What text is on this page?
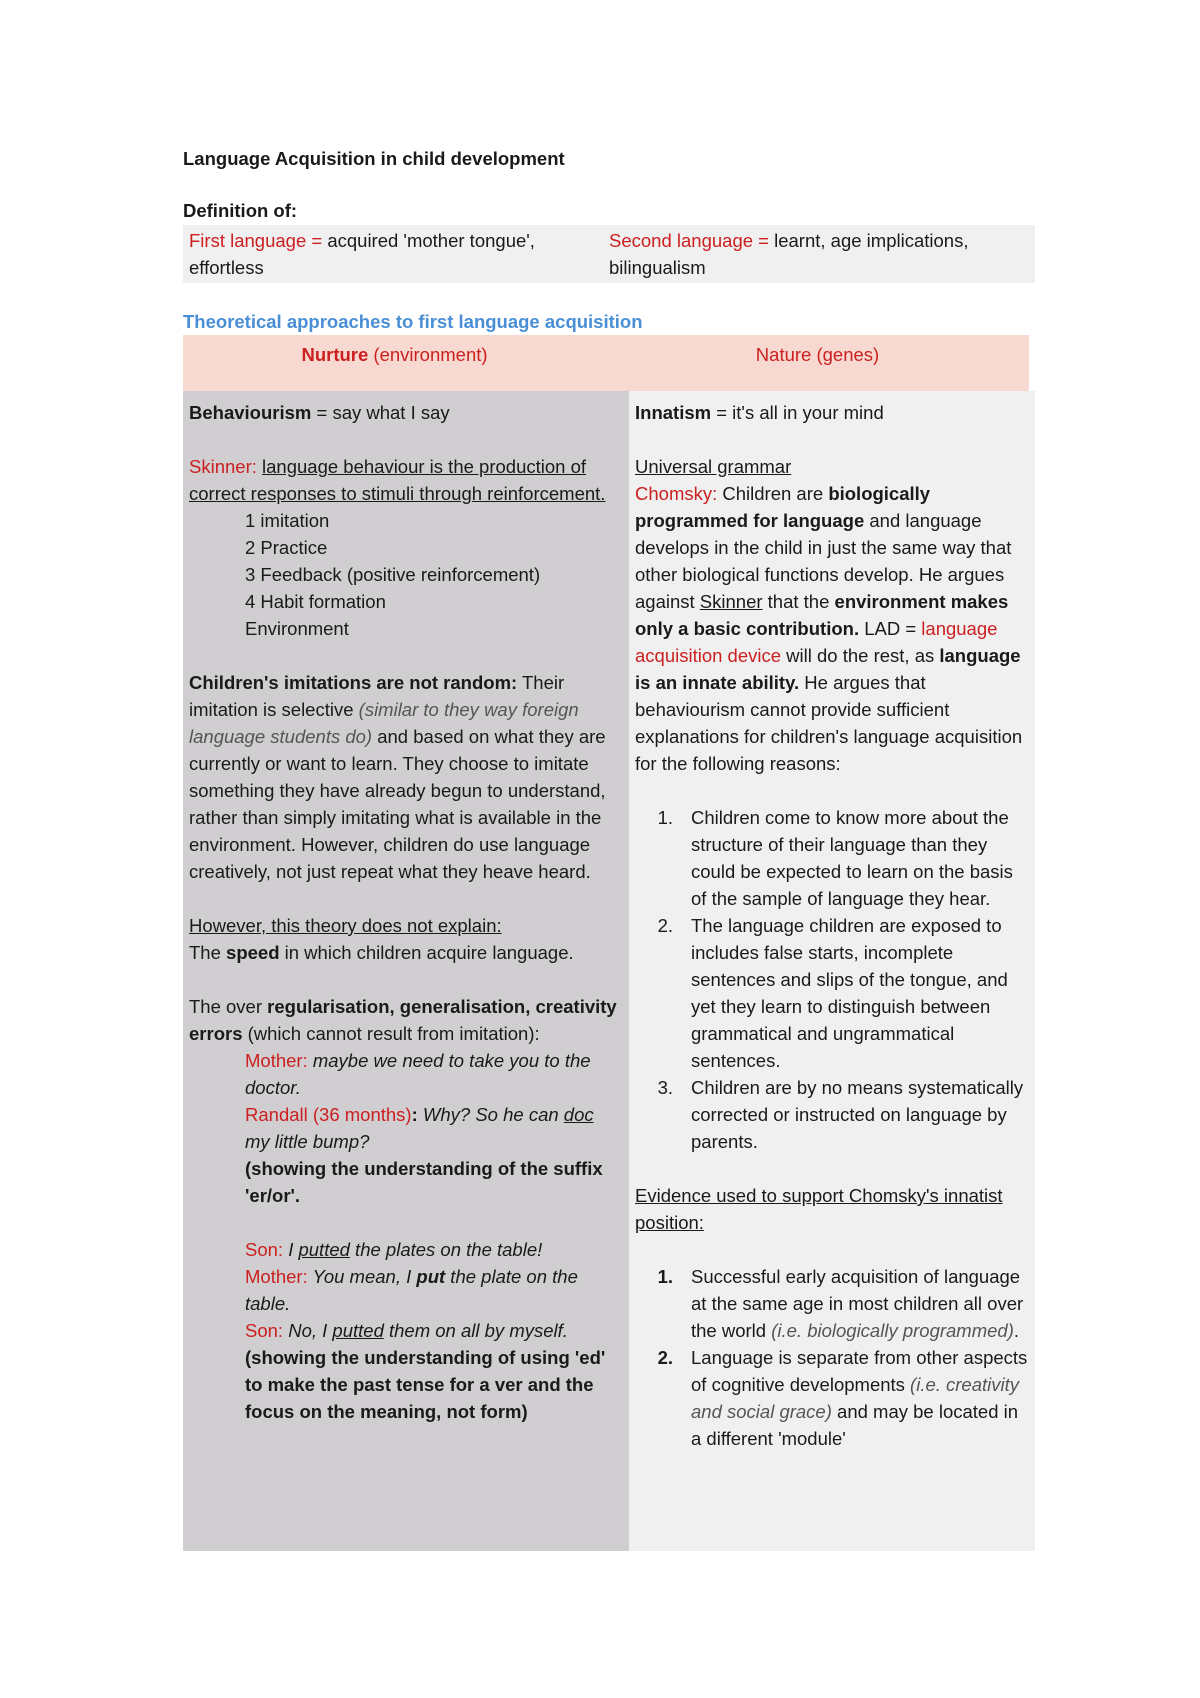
Language Acquisition in child development

Definition of:

First language = acquired 'mother tongue', effortless
Second language = learnt, age implications, bilingualism

Theoretical approaches to first language acquisition

Nurture (environment)	Nature (genes)

Behaviourism = say what I say

Skinner: language behaviour is the production of correct responses to stimuli through reinforcement.

1 imitation

2 Practice

3 Feedback (positive reinforcement)

4 Habit formation

Environment

Children's imitations are not random: Their imitation is selective (similar to they way foreign language students do) and based on what they are currently or want to learn. They choose to imitate something they have already begun to understand, rather than simply imitating what is available in the environment. However, children do use language creatively, not just repeat what they heave heard.

However, this theory does not explain:

The speed in which children acquire language.

The over regularisation, generalisation, creativity errors (which cannot result from imitation):

Mother: maybe we need to take you to the doctor.

Randall (36 months): Why? So he can doc my little bump?

(showing the understanding of the suffix 'er/or'.

Son: I putted the plates on the table!

Mother: You mean, I put the plate on the table.

Son: No, I putted them on all by myself.

(showing the understanding of using 'ed' to make the past tense for a ver and the focus on the meaning, not form)

Innatism = it's all in your mind

Universal grammar

Chomsky: Children are biologically programmed for language and language develops in the child in just the same way that other biological functions develop. He argues against Skinner that the environment makes only a basic contribution. LAD = language acquisition device will do the rest, as language is an innate ability. He argues that behaviourism cannot provide sufficient explanations for children's language acquisition for the following reasons:

1. Children come to know more about the structure of their language than they could be expected to learn on the basis of the sample of language they hear.
2. The language children are exposed to includes false starts, incomplete sentences and slips of the tongue, and yet they learn to distinguish between grammatical and ungrammatical sentences.
3. Children are by no means systematically corrected or instructed on language by parents.

Evidence used to support Chomsky's innatist position:

1. Successful early acquisition of language at the same age in most children all over the world (i.e. biologically programmed).
2. Language is separate from other aspects of cognitive developments (i.e. creativity and social grace) and may be located in a different 'module'
